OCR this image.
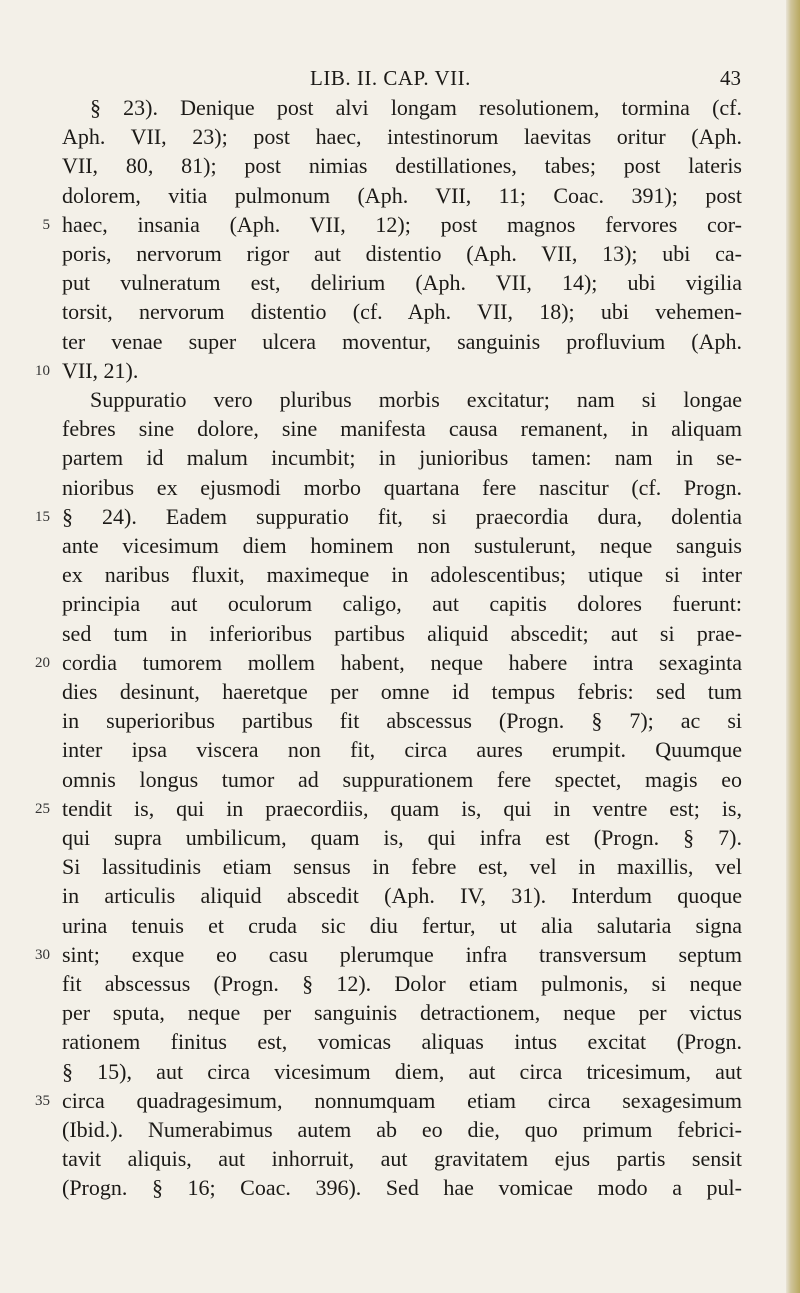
LIB. II. CAP. VII.	43
§ 23). Denique post alvi longam resolutionem, tormina (cf.
Aph. VII, 23); post haec, intestinorum laevitas oritur (Aph.
VII, 80, 81); post nimias destillationes, tabes; post lateris
dolorem, vitia pulmonum (Aph. VII, 11; Coac. 391); post
5 haec, insania (Aph. VII, 12); post magnos fervores cor-
poris, nervorum rigor aut distentio (Aph. VII, 13); ubi ca-
put vulneratum est, delirium (Aph. VII, 14); ubi vigilia
torsit, nervorum distentio (cf. Aph. VII, 18); ubi vehemen-
ter venae super ulcera moventur, sanguinis profluvium (Aph.
10 VII, 21).
Suppuratio vero pluribus morbis excitatur; nam si longae
febres sine dolore, sine manifesta causa remanent, in aliquam
partem id malum incumbit; in junioribus tamen: nam in se-
nioribus ex ejusmodi morbo quartana fere nascitur (cf. Progn.
15 § 24). Eadem suppuratio fit, si praecordia dura, dolentia
ante vicesimum diem hominem non sustulerunt, neque sanguis
ex naribus fluxit, maximeque in adolescentibus; utique si inter
principia aut oculorum caligo, aut capitis dolores fuerunt:
sed tum in inferioribus partibus aliquid abscedit; aut si prae-
20 cordia tumorem mollem habent, neque habere intra sexaginta
dies desinunt, haeretque per omne id tempus febris: sed tum
in superioribus partibus fit abscessus (Progn. § 7); ac si
inter ipsa viscera non fit, circa aures erumpit. Quumque
omnis longus tumor ad suppurationem fere spectet, magis eo
25 tendit is, qui in praecordiis, quam is, qui in ventre est; is,
qui supra umbilicum, quam is, qui infra est (Progn. § 7).
Si lassitudinis etiam sensus in febre est, vel in maxillis, vel
in articulis aliquid abscedit (Aph. IV, 31). Interdum quoque
urina tenuis et cruda sic diu fertur, ut alia salutaria signa
30 sint; exque eo casu plerumque infra transversum septum
fit abscessus (Progn. § 12). Dolor etiam pulmonis, si neque
per sputa, neque per sanguinis detractionem, neque per victus
rationem finitus est, vomicas aliquas intus excitat (Progn.
§ 15), aut circa vicesimum diem, aut circa tricesimum, aut
35 circa quadragesimum, nonnumquam etiam circa sexagesimum
(Ibid.). Numerabimus autem ab eo die, quo primum febrici-
tavit aliquis, aut inhorruit, aut gravitatem ejus partis sensit
(Progn. § 16; Coac. 396). Sed hae vomicae modo a pul-
